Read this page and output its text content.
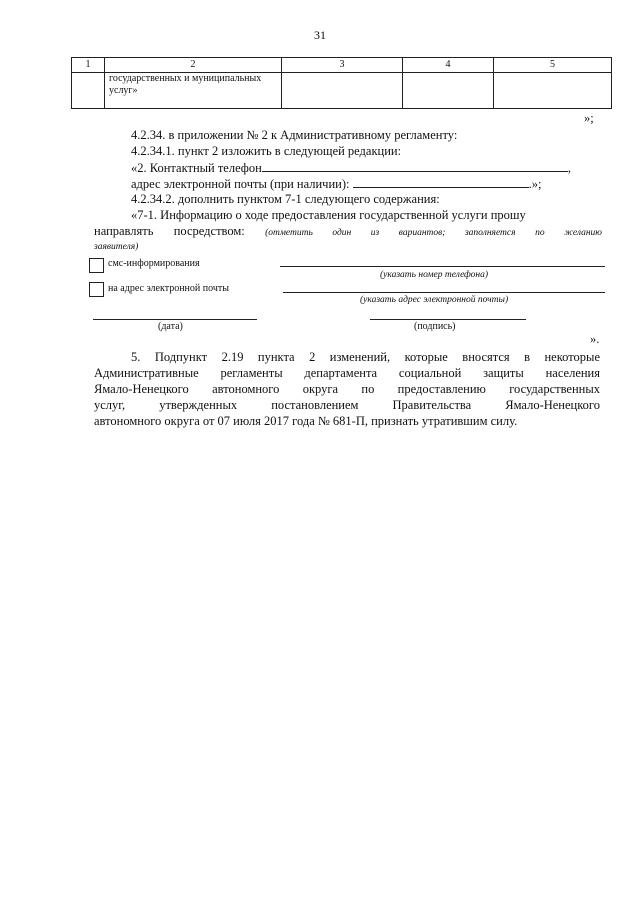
31
1	2	3	4	5
	государственных и муниципальных услуг»			
»;
4.2.34. в приложении № 2 к Административному регламенту:
4.2.34.1. пункт 2 изложить в следующей редакции:
«2. Контактный телефон	,
адрес электронной почты (при наличии):	.»;
4.2.34.2. дополнить пунктом 7-1 следующего содержания:
«7-1. Информацию о ходе предоставления государственной услуги прошу
направлять посредством: (отметить один из вариантов; заполняется по желанию
заявителя)
смс-информирования
(указать номер телефона)
на адрес электронной почты
(указать адрес электронной почты)
(дата)	(подпись)
».
5. Подпункт 2.19 пункта 2 изменений, которые вносятся в некоторые
Административные регламенты департамента социальной защиты населения
Ямало-Ненецкого автономного округа по предоставлению государственных
услуг, утвержденных постановлением Правительства Ямало-Ненецкого
автономного округа от 07 июля 2017 года № 681-П, признать утратившим силу.
